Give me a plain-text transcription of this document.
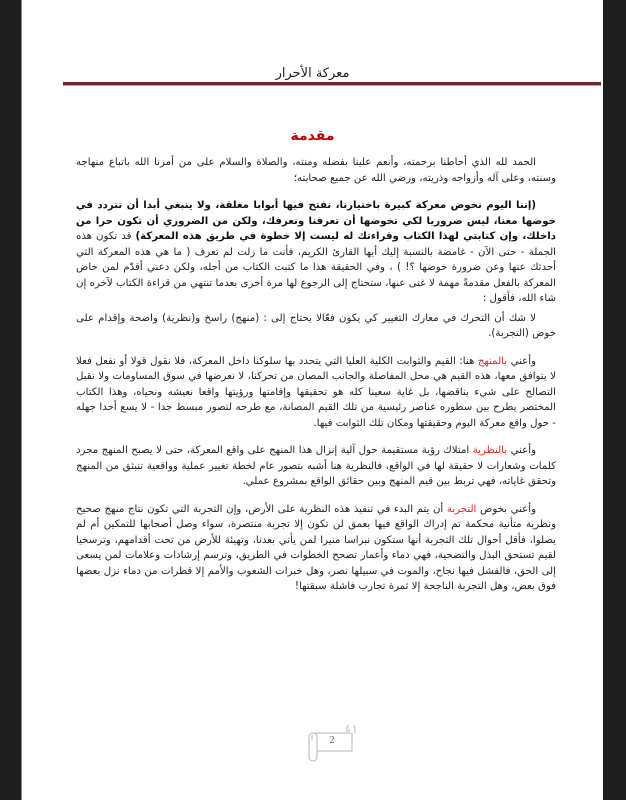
معركة الأحرار
مقدمة

الحمد لله الذي أحاطنا برحمته، وأنعم علينا بفضله ومنته، والصلاة والسلام على من أمرنا الله باتباع منهاجه وسنته، وعلى آله وأزواجه وذريته، ورضي الله عن جميع صحابته؛

(إننا اليوم نخوض معركة كبيرة باختيارنا، نفتح فيها أبوابا مغلقة، ولا ينبغي أبدا أن تتردد في خوضها معنا، ليس ضروريا لكي تخوضها أن تعرفنا ونعرفك، ولكن من الضروري أن تكون حرا من داخلك، وإن كتابتي لهذا الكتاب وقراءتك له ليست إلا خطوة في طريق هذه المعركة) قد تكون هذه الجملة - حتى الآن - غامضة بالنسبة إليك أيها القارئ الكريم، فأنت ما زلت لم تعرف ( ما هي هذه المعركة التي أحدثك عنها وعن ضرورة خوضها ؟! ) ، وفي الحقيقة هذا ما كتبت الكتاب من أجله، ولكن دعني أقدّم لمن خاض المعركة بالفعل مقدمةً مهمة لا غنى عنها، ستحتاج إلى الرجوع لها مرة أخرى بعدما تنتهي من قراءة الكتاب لآخره إن شاء الله، فأقول :

لا شك أن التحرك في معارك التغيير كي يكون فعّالا يحتاج إلى : (منهج) راسخ و(نظرية) واضحة وإقدام على خوض (التجربة).

وأعني بالمنهج هنا: القيم والثوابت الكلية العليا التي يتحدد بها سلوكنا داخل المعركة، فلا نقول قولا أو نفعل فعلا لا يتوافق معها، هذه القيم هي محل المفاصلة والجانب المصان من تحركنا، لا نعرضها في سوق المساومات ولا نقبل التصالح على شيء يناقضها، بل غاية سعينا كله هو تحقيقها وإقامتها ورؤيتها واقعا نعيشه ونحياه، وهذا الكتاب المختصر يطرح بين سطوره عناصر رئيسية من تلك القيم المصانة، مع طرحه لتصور مبسط جدا - لا يسع أحدا جهله - حول واقع معركة اليوم وحقيقتها ومكان تلك الثوابت فيها.

وأعني بالنظرية امتلاك رؤية مستقيمة حول آلية إنزال هذا المنهج على واقع المعركة، حتى لا يصبح المنهج مجرد كلمات وشعارات لا حقيقة لها في الواقع، فالنظرية هنا أشبه بتصور عام لخطة تغيير عملية وواقعية تنبثق من المنهج وتحقق غاياته، فهي تربط بين قيم المنهج وبين حقائق الواقع بمشروع عملي.

وأعني بخوض التجربة أن يتم البدء في تنفيذ هذه النظرية على الأرض، وإن التجربة التي تكون نتاج منهج صحيح ونظرية متأنية محكمة تم إدراك الواقع فيها بعمق لن تكون إلا تجربة منتصرة، سواء وصل أصحابها للتمكين أم لم يصلوا، فأقل أحوال تلك التجربة أنها ستكون نبراسا منيرا لمن يأتي بعدنا، وتهيئة للأرض من تحت أقدامهم، وترسخيا لقيم تستحق البذل والتضحية، فهي دماء وأعمار تصحح الخطوات في الطريق، وترسم إرشادات وعلامات لمن يسعى إلى الحق، فالفشل فيها نجاح، والموت في سبيلها نصر، وهل خبرات الشعوب والأمم إلا قطرات من دماء نزل بعضها فوق بعض، وهل التجربة الناجحة إلا ثمرة تجارب فاشلة سبقتها!

2
